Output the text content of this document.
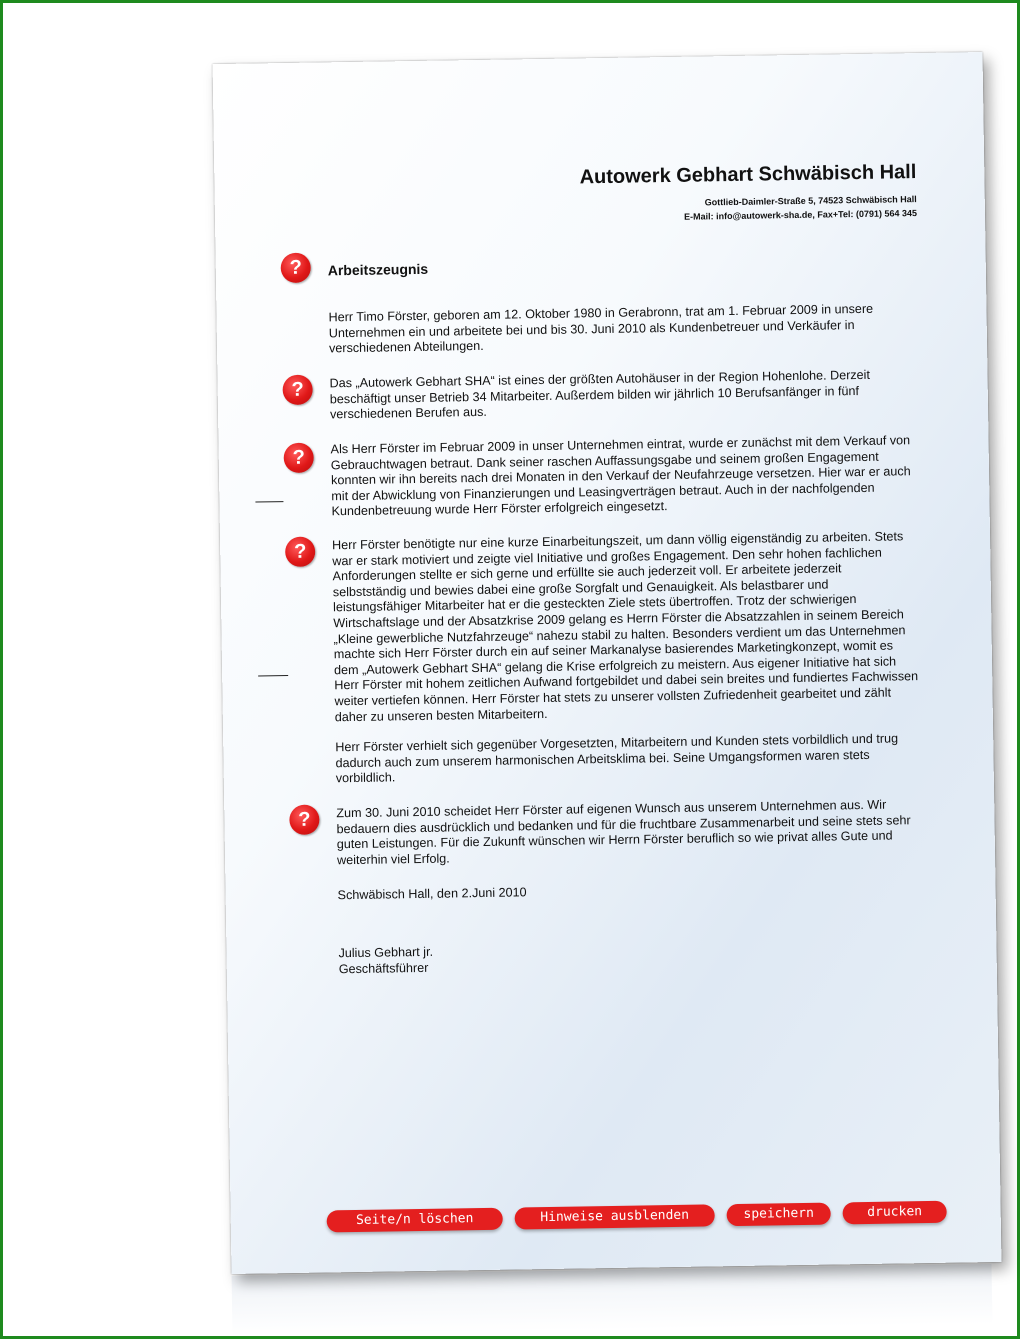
Autowerk Gebhart Schwäbisch Hall
Gottlieb-Daimler-Straße 5, 74523 Schwäbisch Hall
E-Mail: info@autowerk-sha.de, Fax+Tel: (0791) 564 345
?	Arbeitszeugnis

Herr Timo Förster, geboren am 12. Oktober 1980 in Gerabronn, trat am 1. Februar 2009 in unsere Unternehmen ein und arbeitete bei und bis 30. Juni 2010 als Kundenbetreuer und Verkäufer in verschiedenen Abteilungen.

?	Das „Autowerk Gebhart SHA“ ist eines der größten Autohäuser in der Region Hohenlohe. Derzeit beschäftigt unser Betrieb 34 Mitarbeiter. Außerdem bilden wir jährlich 10 Berufsanfänger in fünf verschiedenen Berufen aus.

?

Als Herr Förster im Februar 2009 in unser Unternehmen eintrat, wurde er zunächst mit dem Verkauf von Gebrauchtwagen betraut. Dank seiner raschen Auffassungsgabe und seinem großen Engagement konnten wir ihn bereits nach drei Monaten in den Verkauf der Neufahrzeuge versetzen. Hier war er auch mit der Abwicklung von Finanzierungen und Leasingverträgen betraut. Auch in der nachfolgenden Kundenbetreuung wurde Herr Förster erfolgreich eingesetzt.

?	Herr Förster benötigte nur eine kurze Einarbeitungszeit, um dann völlig eigenständig zu arbeiten. Stets war er stark motiviert und zeigte viel Initiative und großes Engagement. Den sehr hohen fachlichen Anforderungen stellte er sich gerne und erfüllte sie auch jederzeit voll. Er arbeitete jederzeit selbstständig und bewies dabei eine große Sorgfalt und Genauigkeit. Als belastbarer und leistungsfähiger Mitarbeiter hat er die gesteckten Ziele stets übertroffen. Trotz der schwierigen Wirtschaftslage und der Absatzkrise 2009 gelang es Herrn Förster die Absatzzahlen in seinem Bereich „Kleine gewerbliche Nutzfahrzeuge“ nahezu stabil zu halten. Besonders verdient um das Unternehmen machte sich Herr Förster durch ein auf seiner Markanalyse basierendes Marketingkonzept, womit es dem „Autowerk Gebhart SHA“ gelang die Krise erfolgreich zu meistern. Aus eigener Initiative hat sich Herr Förster mit hohem zeitlichen Aufwand fortgebildet und dabei sein breites und fundiertes Fachwissen weiter vertiefen können. Herr Förster hat stets zu unserer vollsten Zufriedenheit gearbeitet und zählt daher zu unseren besten Mitarbeitern.

Herr Förster verhielt sich gegenüber Vorgesetzten, Mitarbeitern und Kunden stets vorbildlich und trug dadurch auch zum unserem harmonischen Arbeitsklima bei. Seine Umgangsformen waren stets vorbildlich.

?	Zum 30. Juni 2010 scheidet Herr Förster auf eigenen Wunsch aus unserem Unternehmen aus. Wir bedauern dies ausdrücklich und bedanken und für die fruchtbare Zusammenarbeit und seine stets sehr guten Leistungen. Für die Zukunft wünschen wir Herrn Förster beruflich so wie privat alles Gute und weiterhin viel Erfolg.

Schwäbisch Hall, den 2.Juni 2010

Julius Gebhart jr.

Geschäftsführer

Seite/n löschen	Hinweise ausblenden	speichern	drucken
